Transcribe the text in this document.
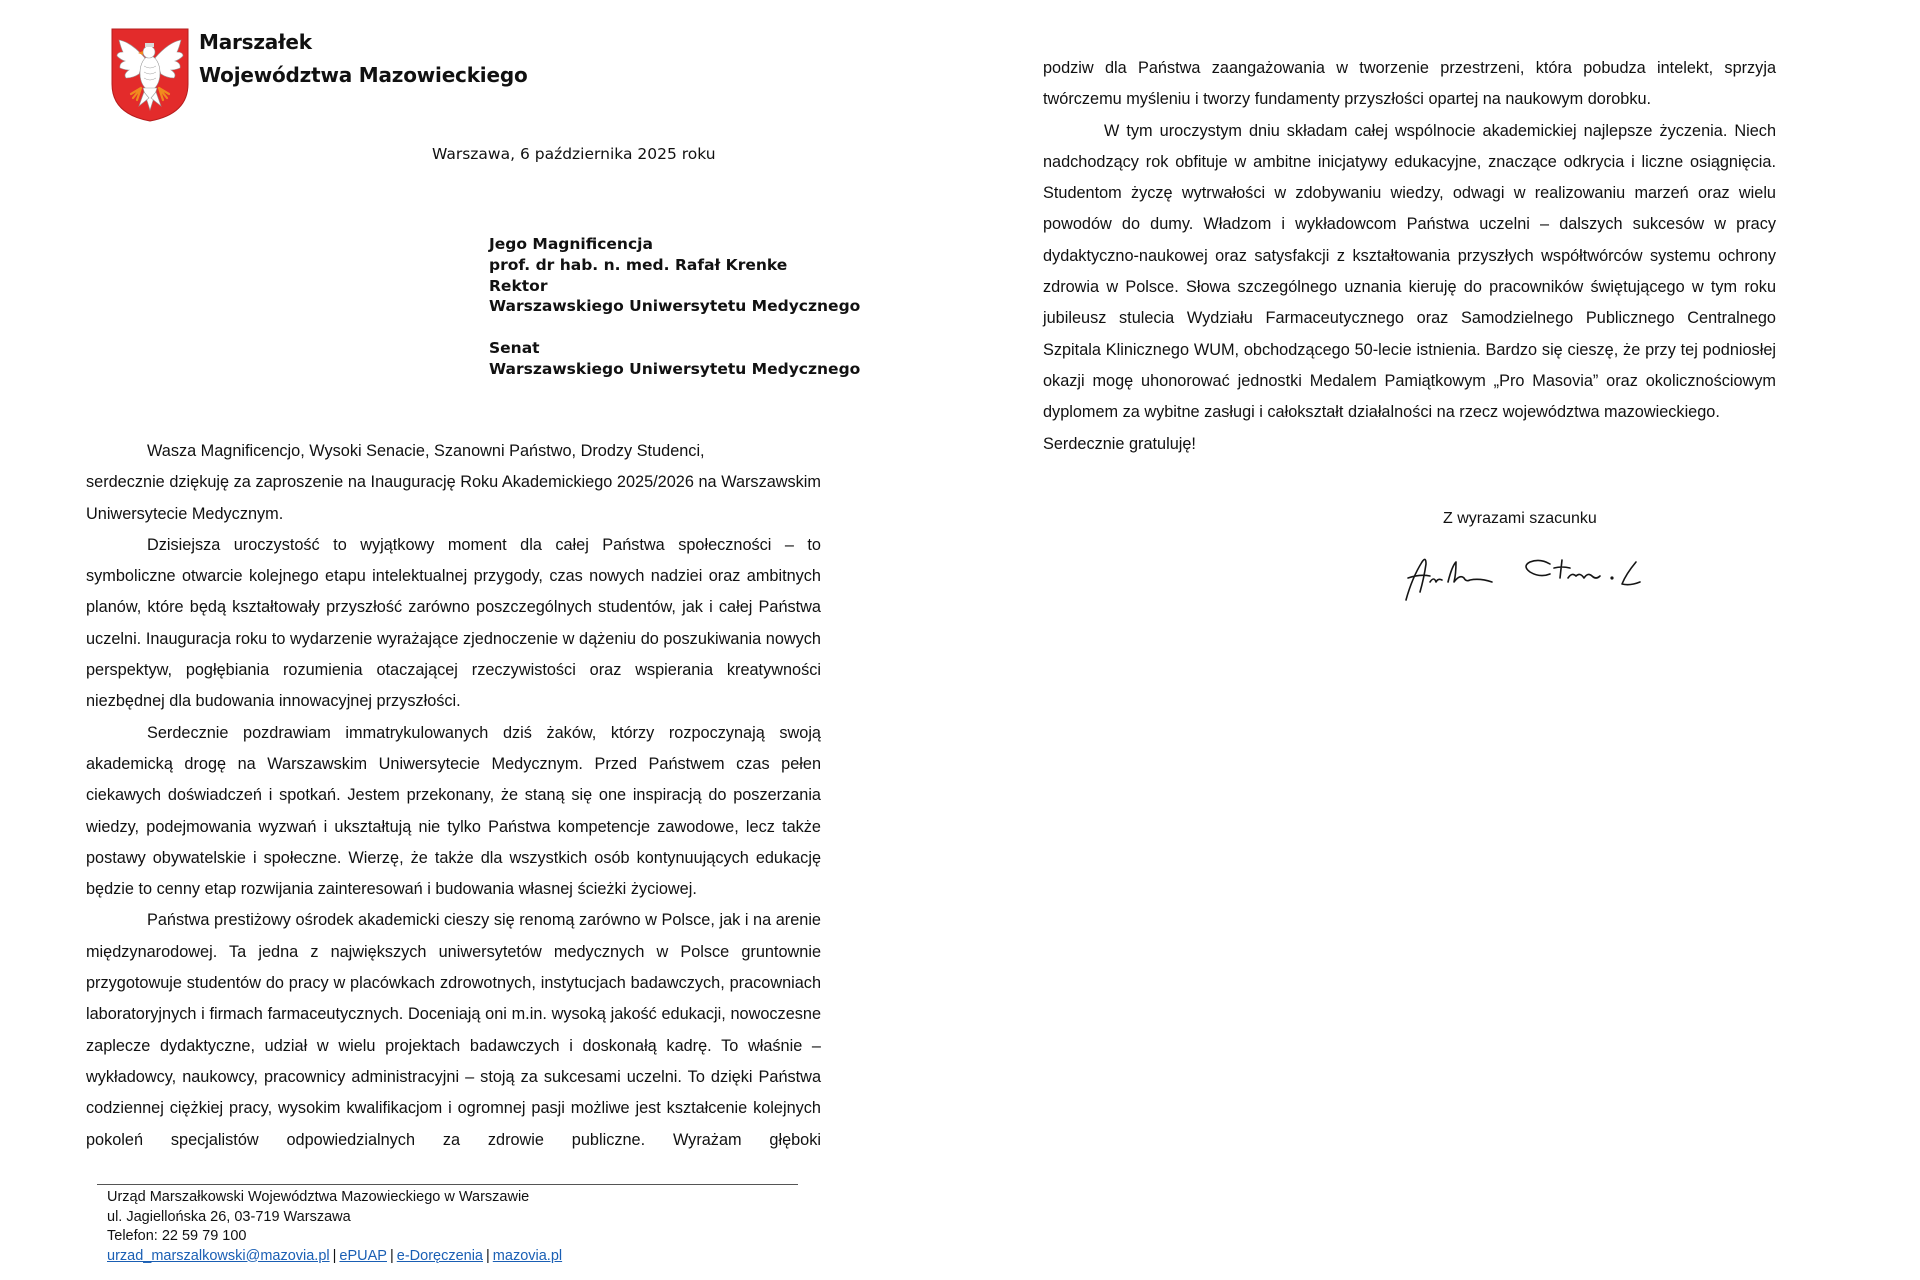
Marszałek
Województwa Mazowieckiego
Warszawa, 6 października 2025 roku
Jego Magnificencja
prof. dr hab. n. med. Rafał Krenke
Rektor
Warszawskiego Uniwersytetu Medycznego
Senat
Warszawskiego Uniwersytetu Medycznego

Wasza Magnificencjo, Wysoki Senacie, Szanowni Państwo, Drodzy Studenci,

serdecznie dziękuję za zaproszenie na Inaugurację Roku Akademickiego 2025/2026 na Warszawskim Uniwersytecie Medycznym.

Dzisiejsza uroczystość to wyjątkowy moment dla całej Państwa społeczności – to symboliczne otwarcie kolejnego etapu intelektualnej przygody, czas nowych nadziei oraz ambitnych planów, które będą kształtowały przyszłość zarówno poszczególnych studentów, jak i całej Państwa uczelni. Inauguracja roku to wydarzenie wyrażające zjednoczenie w dążeniu do poszukiwania nowych perspektyw, pogłębiania rozumienia otaczającej rzeczywistości oraz wspierania kreatywności niezbędnej dla budowania innowacyjnej przyszłości.

Serdecznie pozdrawiam immatrykulowanych dziś żaków, którzy rozpoczynają swoją akademicką drogę na Warszawskim Uniwersytecie Medycznym. Przed Państwem czas pełen ciekawych doświadczeń i spotkań. Jestem przekonany, że staną się one inspiracją do poszerzania wiedzy, podejmowania wyzwań i ukształtują nie tylko Państwa kompetencje zawodowe, lecz także postawy obywatelskie i społeczne. Wierzę, że także dla wszystkich osób kontynuujących edukację będzie to cenny etap rozwijania zainteresowań i budowania własnej ścieżki życiowej.

Państwa prestiżowy ośrodek akademicki cieszy się renomą zarówno w Polsce, jak i na arenie międzynarodowej. Ta jedna z największych uniwersytetów medycznych w Polsce gruntownie przygotowuje studentów do pracy w placówkach zdrowotnych, instytucjach badawczych, pracowniach laboratoryjnych i firmach farmaceutycznych. Doceniają oni m.in. wysoką jakość edukacji, nowoczesne zaplecze dydaktyczne, udział w wielu projektach badawczych i doskonałą kadrę. To właśnie – wykładowcy, naukowcy, pracownicy administracyjni – stoją za sukcesami uczelni. To dzięki Państwa codziennej ciężkiej pracy, wysokim kwalifikacjom i ogromnej pasji możliwe jest kształcenie kolejnych pokoleń specjalistów odpowiedzialnych za zdrowie publiczne. Wyrażam głęboki

podziw dla Państwa zaangażowania w tworzenie przestrzeni, która pobudza intelekt, sprzyja twórczemu myśleniu i tworzy fundamenty przyszłości opartej na naukowym dorobku.

W tym uroczystym dniu składam całej wspólnocie akademickiej najlepsze życzenia. Niech nadchodzący rok obfituje w ambitne inicjatywy edukacyjne, znaczące odkrycia i liczne osiągnięcia. Studentom życzę wytrwałości w zdobywaniu wiedzy, odwagi w realizowaniu marzeń oraz wielu powodów do dumy. Władzom i wykładowcom Państwa uczelni – dalszych sukcesów w pracy dydaktyczno-naukowej oraz satysfakcji z kształtowania przyszłych współtwórców systemu ochrony zdrowia w Polsce. Słowa szczególnego uznania kieruję do pracowników świętującego w tym roku jubileusz stulecia Wydziału Farmaceutycznego oraz Samodzielnego Publicznego Centralnego Szpitala Klinicznego WUM, obchodzącego 50-lecie istnienia. Bardzo się cieszę, że przy tej podniosłej okazji mogę uhonorować jednostki Medalem Pamiątkowym „Pro Masovia” oraz okolicznościowym dyplomem za wybitne zasługi i całokształt działalności na rzecz województwa mazowieckiego.

Serdecznie gratuluję!

Z wyrazami szacunku
Urząd Marszałkowski Województwa Mazowieckiego w Warszawie
ul. Jagiellońska 26, 03-719 Warszawa
Telefon: 22 59 79 100
urzad_marszalkowski@mazovia.pl | ePUAP | e-Doręczenia | mazovia.pl
